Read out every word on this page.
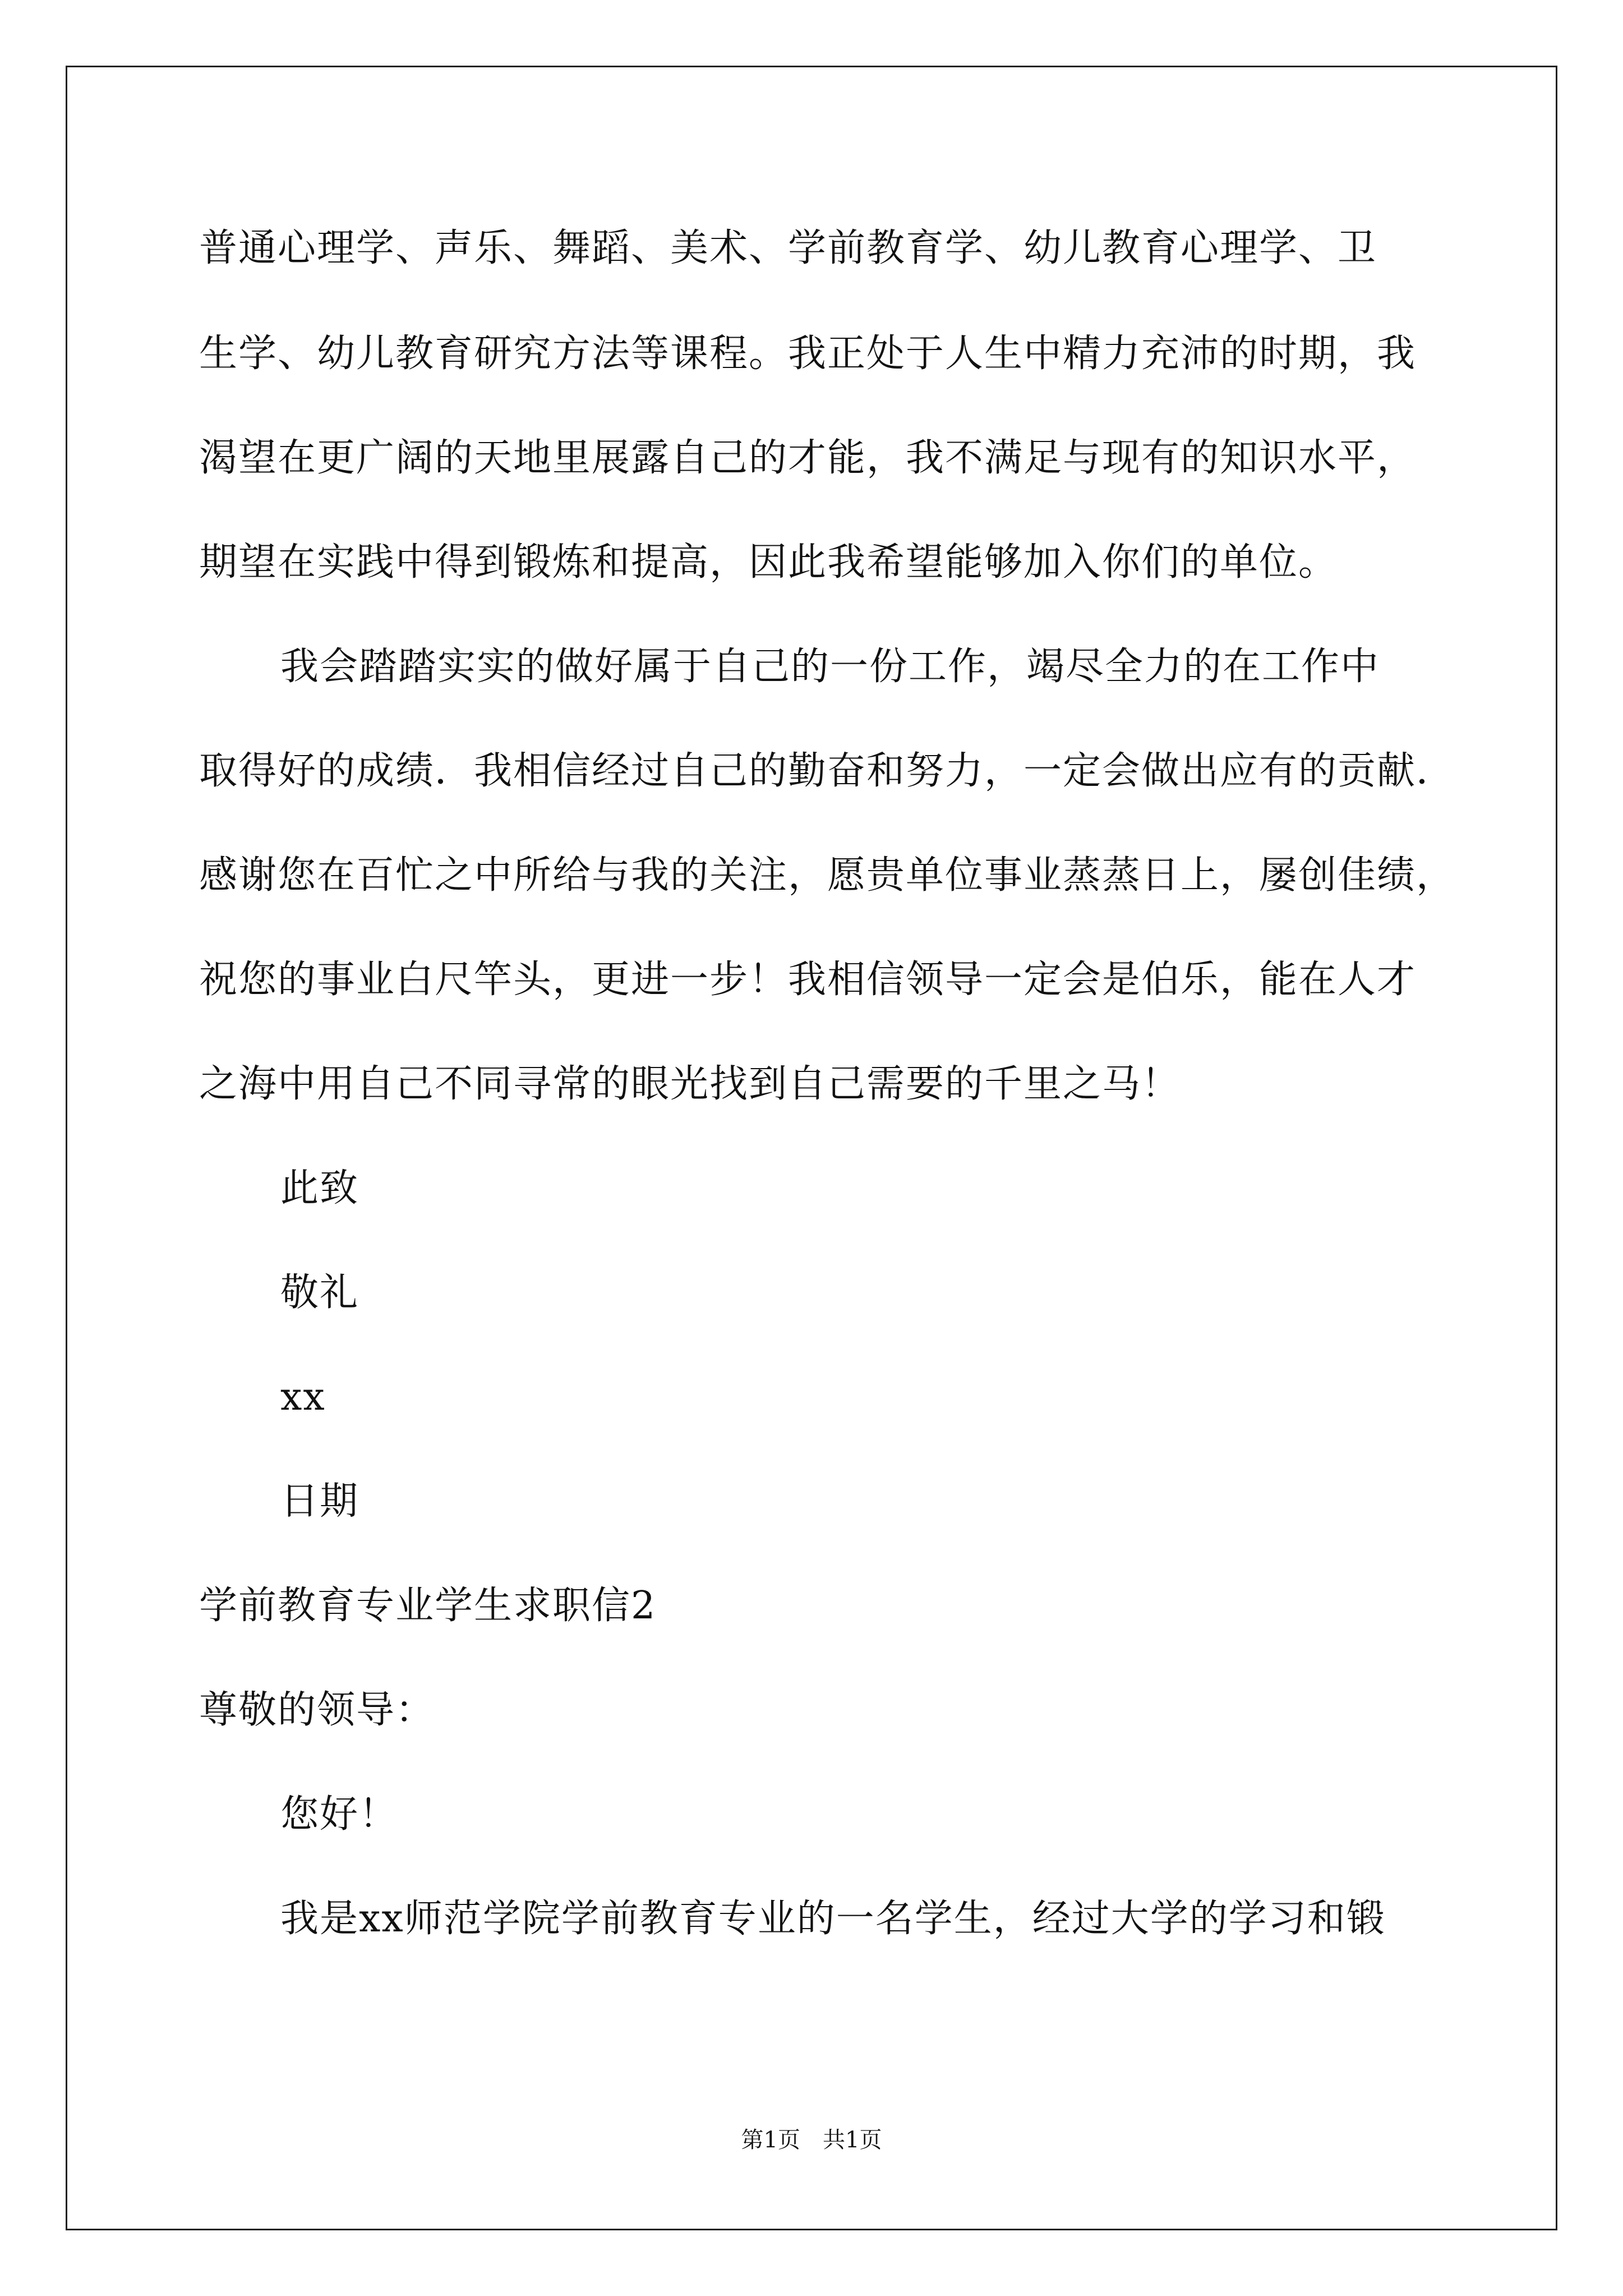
普通心理学、声乐、舞蹈、美术、学前教育学、幼儿教育心理学、卫
生学、幼儿教育研究方法等课程。我正处于人生中精力充沛的时期，我
渴望在更广阔的天地里展露自己的才能，我不满足与现有的知识水平，
期望在实践中得到锻炼和提高，因此我希望能够加入你们的单位。
我会踏踏实实的做好属于自己的一份工作，竭尽全力的在工作中
取得好的成绩．我相信经过自己的勤奋和努力，一定会做出应有的贡献．
感谢您在百忙之中所给与我的关注，愿贵单位事业蒸蒸日上，屡创佳绩，
祝您的事业白尺竿头，更进一步！我相信领导一定会是伯乐，能在人才
之海中用自己不同寻常的眼光找到自己需要的千里之马！
此致
敬礼
xx
日期
学前教育专业学生求职信2
尊敬的领导：
您好！
我是xx师范学院学前教育专业的一名学生，经过大学的学习和锻
第1页　共1页
